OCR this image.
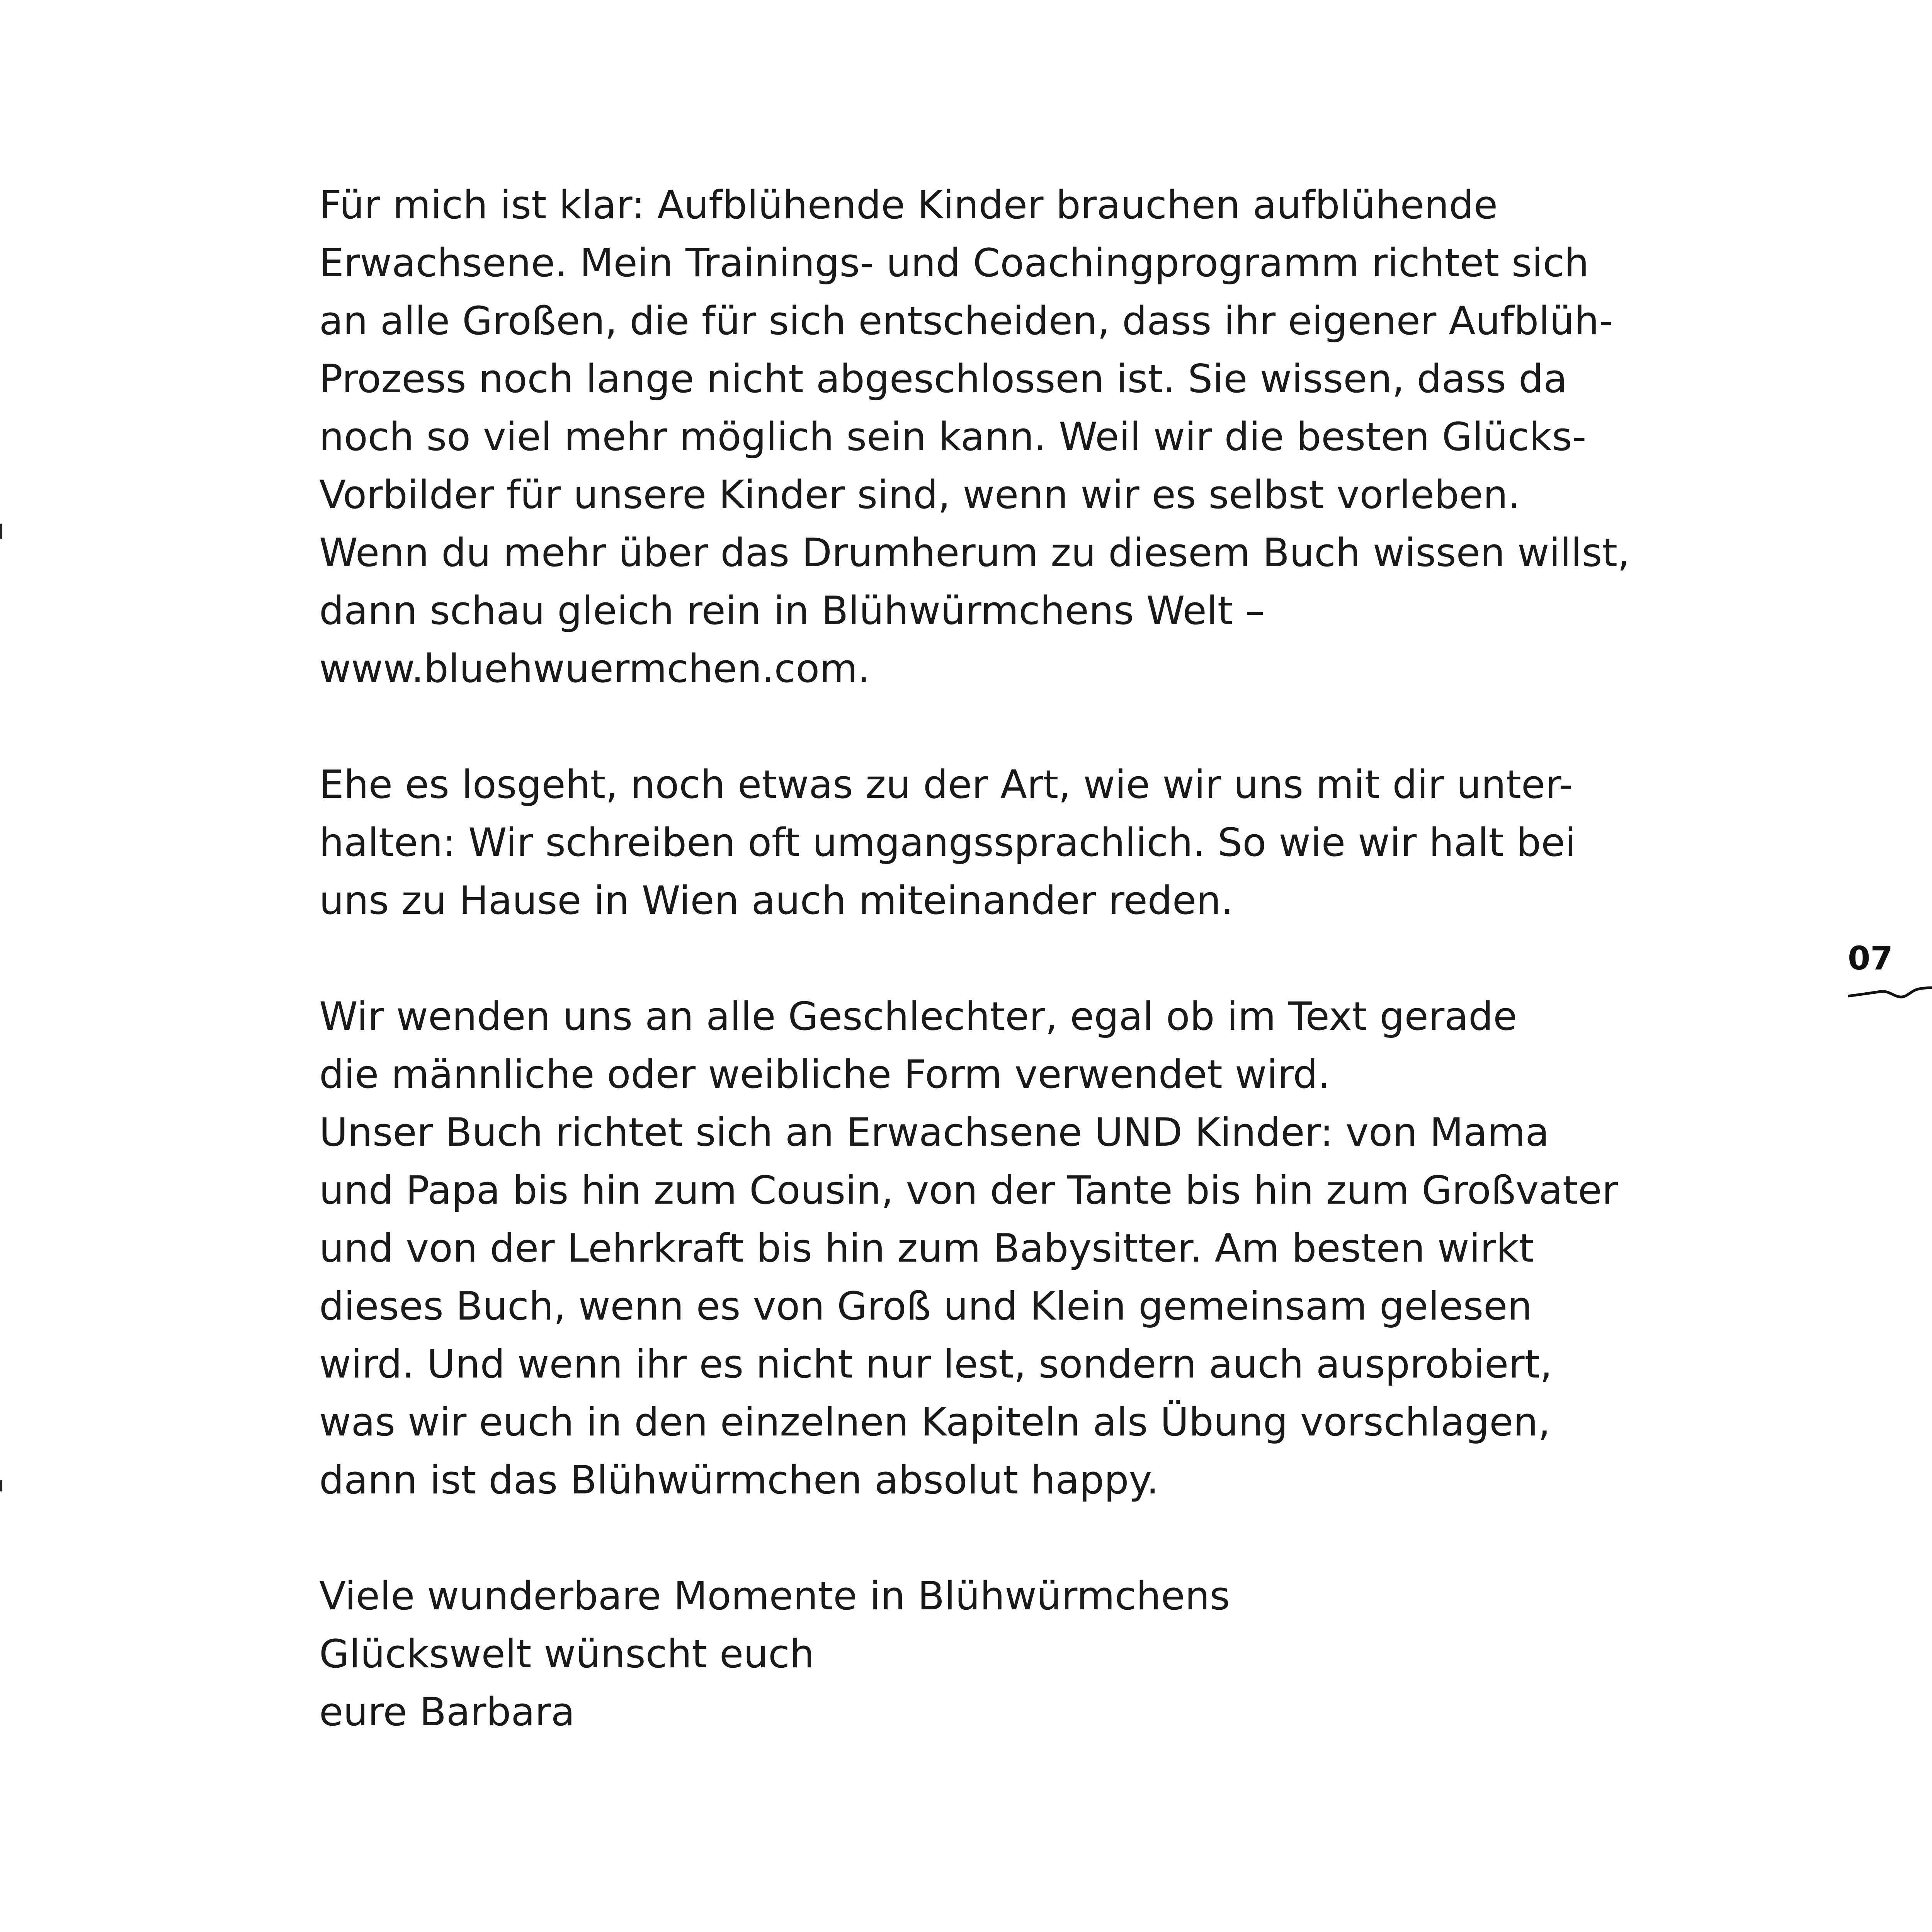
Für mich ist klar: Aufblühende Kinder brauchen aufblühende
Erwachsene. Mein Trainings- und Coachingprogramm richtet sich
an alle Großen, die für sich entscheiden, dass ihr eigener Aufblüh-
Prozess noch lange nicht abgeschlossen ist. Sie wissen, dass da
noch so viel mehr möglich sein kann. Weil wir die besten Glücks-
Vorbilder für unsere Kinder sind, wenn wir es selbst vorleben.
Wenn du mehr über das Drumherum zu diesem Buch wissen willst,
dann schau gleich rein in Blühwürmchens Welt –
www.bluehwuermchen.com.

Ehe es losgeht, noch etwas zu der Art, wie wir uns mit dir unter-
halten: Wir schreiben oft umgangssprachlich. So wie wir halt bei
uns zu Hause in Wien auch miteinander reden.

Wir wenden uns an alle Geschlechter, egal ob im Text gerade
die männliche oder weibliche Form verwendet wird.
Unser Buch richtet sich an Erwachsene UND Kinder: von Mama
und Papa bis hin zum Cousin, von der Tante bis hin zum Großvater
und von der Lehrkraft bis hin zum Babysitter. Am besten wirkt
dieses Buch, wenn es von Groß und Klein gemeinsam gelesen
wird. Und wenn ihr es nicht nur lest, sondern auch ausprobiert,
was wir euch in den einzelnen Kapiteln als Übung vorschlagen,
dann ist das Blühwürmchen absolut happy.

Viele wunderbare Momente in Blühwürmchens
Glückswelt wünscht euch
eure Barbara

07
